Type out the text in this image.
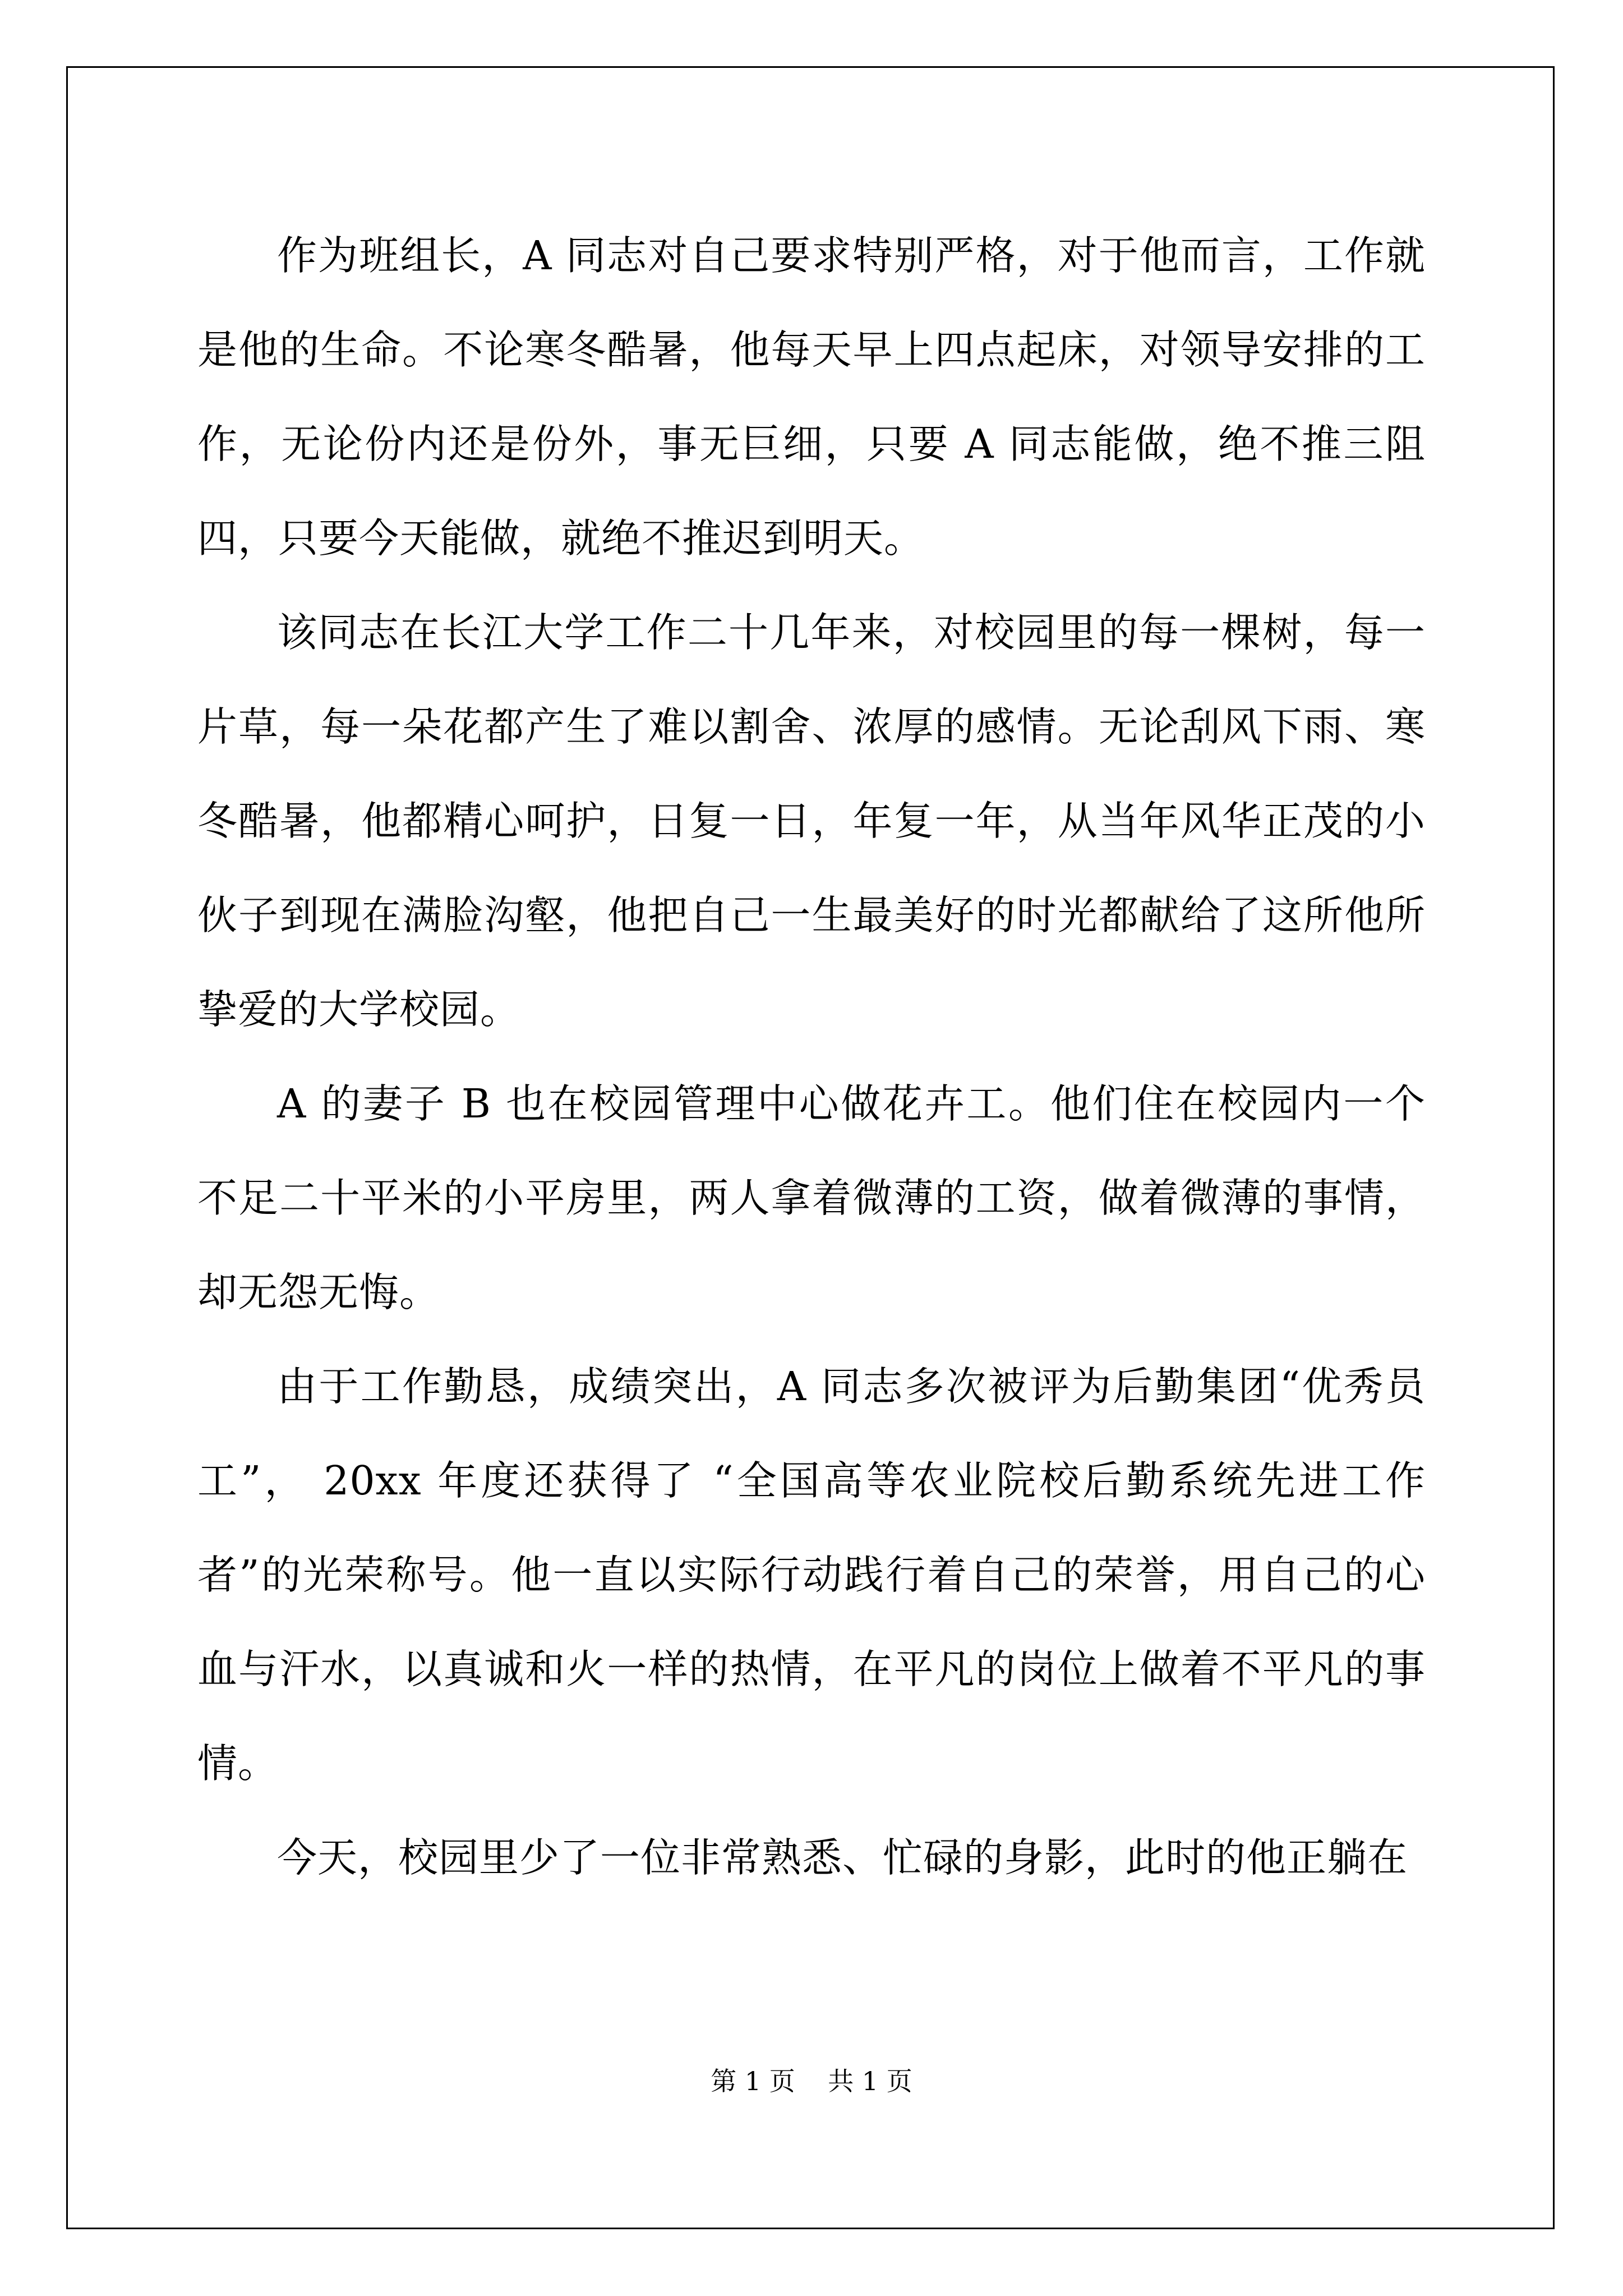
作为班组长，A 同志对自己要求特别严格，对于他而言，工作就是他的生命。不论寒冬酷暑，他每天早上四点起床，对领导安排的工作，无论份内还是份外，事无巨细，只要 A 同志能做，绝不推三阻四，只要今天能做，就绝不推迟到明天。

该同志在长江大学工作二十几年来，对校园里的每一棵树，每一片草，每一朵花都产生了难以割舍、浓厚的感情。无论刮风下雨、寒冬酷暑，他都精心呵护，日复一日，年复一年，从当年风华正茂的小伙子到现在满脸沟壑，他把自己一生最美好的时光都献给了这所他所挚爱的大学校园。

A 的妻子 B 也在校园管理中心做花卉工。他们住在校园内一个不足二十平米的小平房里，两人拿着微薄的工资，做着微薄的事情，却无怨无悔。

由于工作勤恳，成绩突出，A 同志多次被评为后勤集团“优秀员工”， 20xx 年度还获得了 “全国高等农业院校后勤系统先进工作者”的光荣称号。他一直以实际行动践行着自己的荣誉，用自己的心血与汗水，以真诚和火一样的热情，在平凡的岗位上做着不平凡的事情。

今天，校园里少了一位非常熟悉、忙碌的身影，此时的他正躺在

第 1 页    共 1 页
